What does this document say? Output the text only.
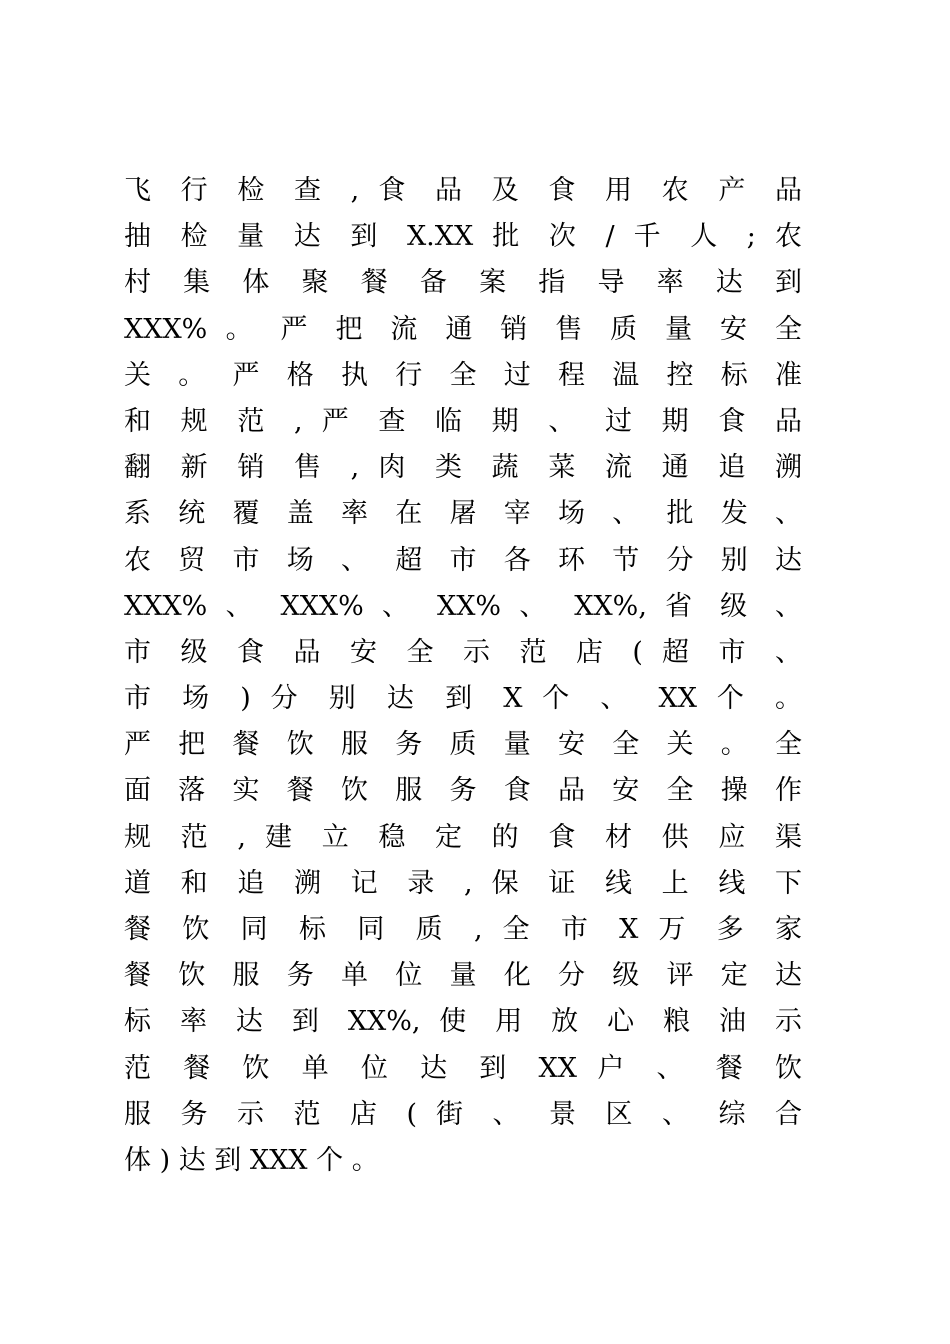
飞 行 检 查 , 食 品 及 食 用 农 产 品
抽 检 量 达 到 X.XX 批 次 / 千 人 ; 农
村 集 体 聚 餐 备 案 指 导 率 达 到
XXX% 。 严 把 流 通 销 售 质 量 安 全
关 。 严 格 执 行 全 过 程 温 控 标 准
和 规 范 , 严 查 临 期 、 过 期 食 品
翻 新 销 售 , 肉 类 蔬 菜 流 通 追 溯
系 统 覆 盖 率 在 屠 宰 场 、 批 发 、
农 贸 市 场 、 超 市 各 环 节 分 别 达
XXX% 、 XXX% 、 XX% 、 XX%, 省 级 、
市 级 食 品 安 全 示 范 店 ( 超 市 、
市 场 ) 分 别 达 到 X 个 、 XX 个 。
严 把 餐 饮 服 务 质 量 安 全 关 。 全
面 落 实 餐 饮 服 务 食 品 安 全 操 作
规 范 , 建 立 稳 定 的 食 材 供 应 渠
道 和 追 溯 记 录 , 保 证 线 上 线 下
餐 饮 同 标 同 质 , 全 市 X 万 多 家
餐 饮 服 务 单 位 量 化 分 级 评 定 达
标 率 达 到 XX%, 使 用 放 心 粮 油 示
范 餐 饮 单 位 达 到 XX 户 、 餐 饮
服 务 示 范 店 ( 街 、 景 区 、 综 合
体 ) 达 到 XXX 个 。
